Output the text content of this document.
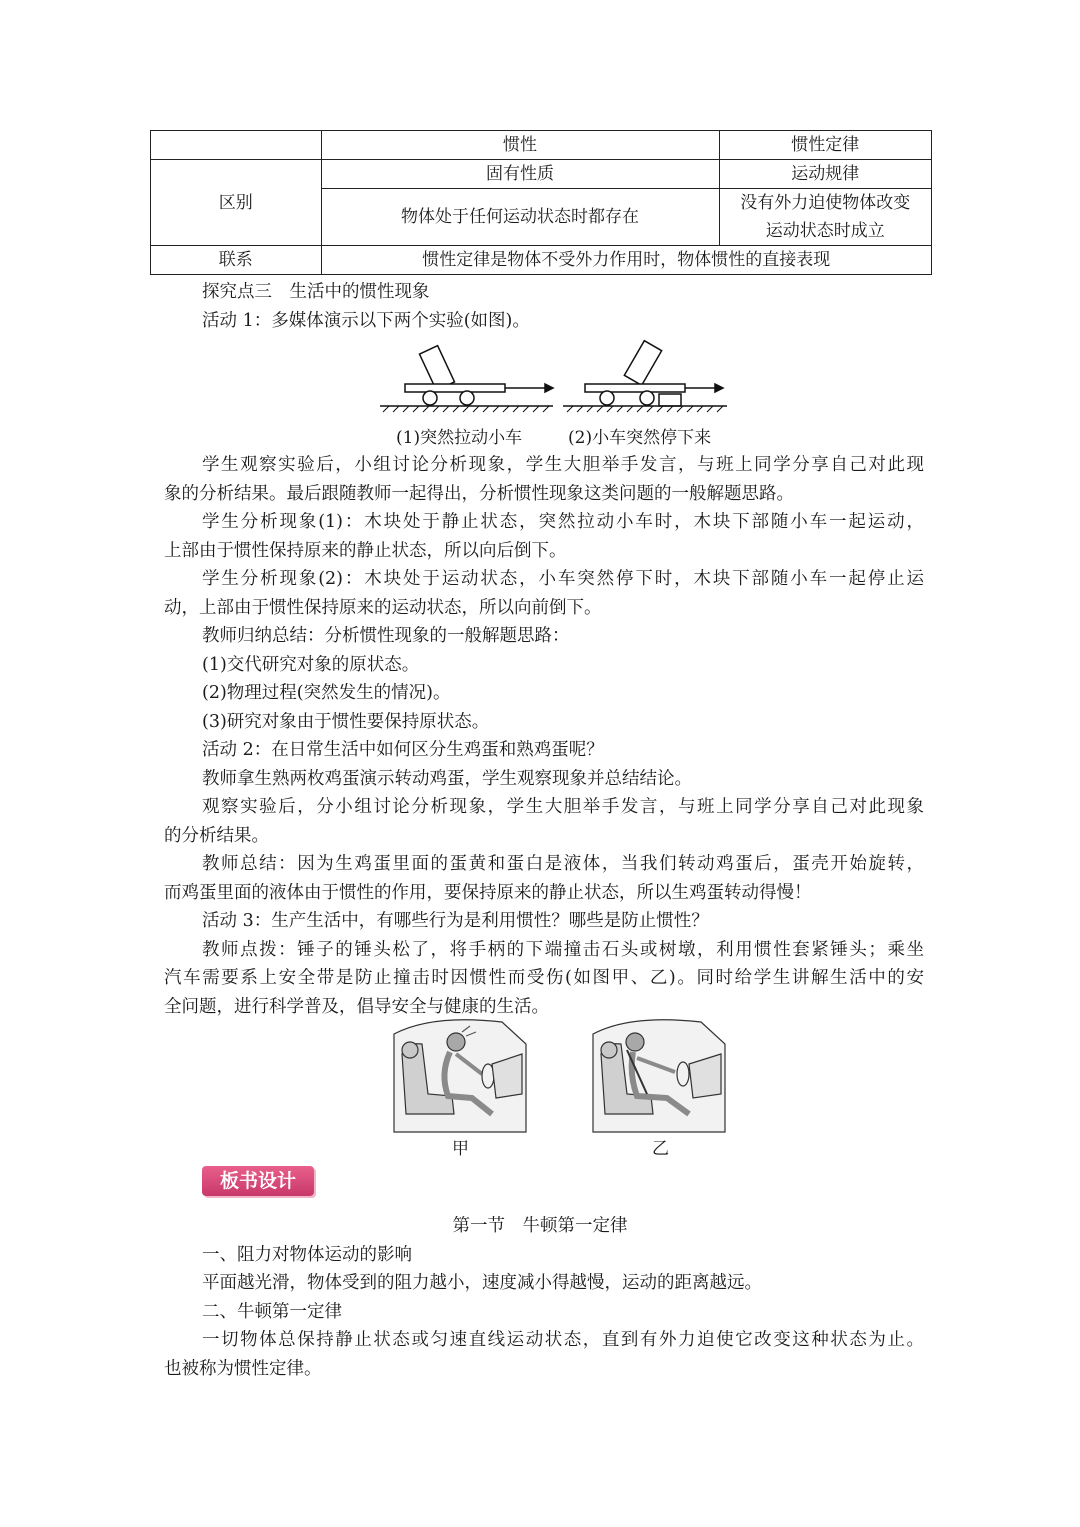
	惯性	惯性定律
区别	固有性质	运动规律
	物体处于任何运动状态时都存在	没有外力迫使物体改变
运动状态时成立

联系	惯性定律是物体不受外力作用时，物体惯性的直接表现	
探究点三　生活中的惯性现象
活动 1：多媒体演示以下两个实验(如图)。
(1)突然拉动小车	(2)小车突然停下来
学生观察实验后，小组讨论分析现象，学生大胆举手发言，与班上同学分享自己对此现
象的分析结果。最后跟随教师一起得出，分析惯性现象这类问题的一般解题思路。
学生分析现象(1)：木块处于静止状态，突然拉动小车时，木块下部随小车一起运动，
上部由于惯性保持原来的静止状态，所以向后倒下。
学生分析现象(2)：木块处于运动状态，小车突然停下时，木块下部随小车一起停止运
动，上部由于惯性保持原来的运动状态，所以向前倒下。
教师归纳总结：分析惯性现象的一般解题思路：
(1)交代研究对象的原状态。
(2)物理过程(突然发生的情况)。
(3)研究对象由于惯性要保持原状态。
活动 2：在日常生活中如何区分生鸡蛋和熟鸡蛋呢？
教师拿生熟两枚鸡蛋演示转动鸡蛋，学生观察现象并总结结论。
观察实验后，分小组讨论分析现象，学生大胆举手发言，与班上同学分享自己对此现象
的分析结果。
教师总结：因为生鸡蛋里面的蛋黄和蛋白是液体，当我们转动鸡蛋后，蛋壳开始旋转，
而鸡蛋里面的液体由于惯性的作用，要保持原来的静止状态，所以生鸡蛋转动得慢！
活动 3：生产生活中，有哪些行为是利用惯性？哪些是防止惯性？
教师点拨：锤子的锤头松了，将手柄的下端撞击石头或树墩，利用惯性套紧锤头；乘坐
汽车需要系上安全带是防止撞击时因惯性而受伤(如图甲、乙)。同时给学生讲解生活中的安
全问题，进行科学普及，倡导安全与健康的生活。
甲	乙
板书设计
第一节　牛顿第一定律
一、阻力对物体运动的影响
平面越光滑，物体受到的阻力越小，速度减小得越慢，运动的距离越远。
二、牛顿第一定律
一切物体总保持静止状态或匀速直线运动状态，直到有外力迫使它改变这种状态为止。
也被称为惯性定律。
